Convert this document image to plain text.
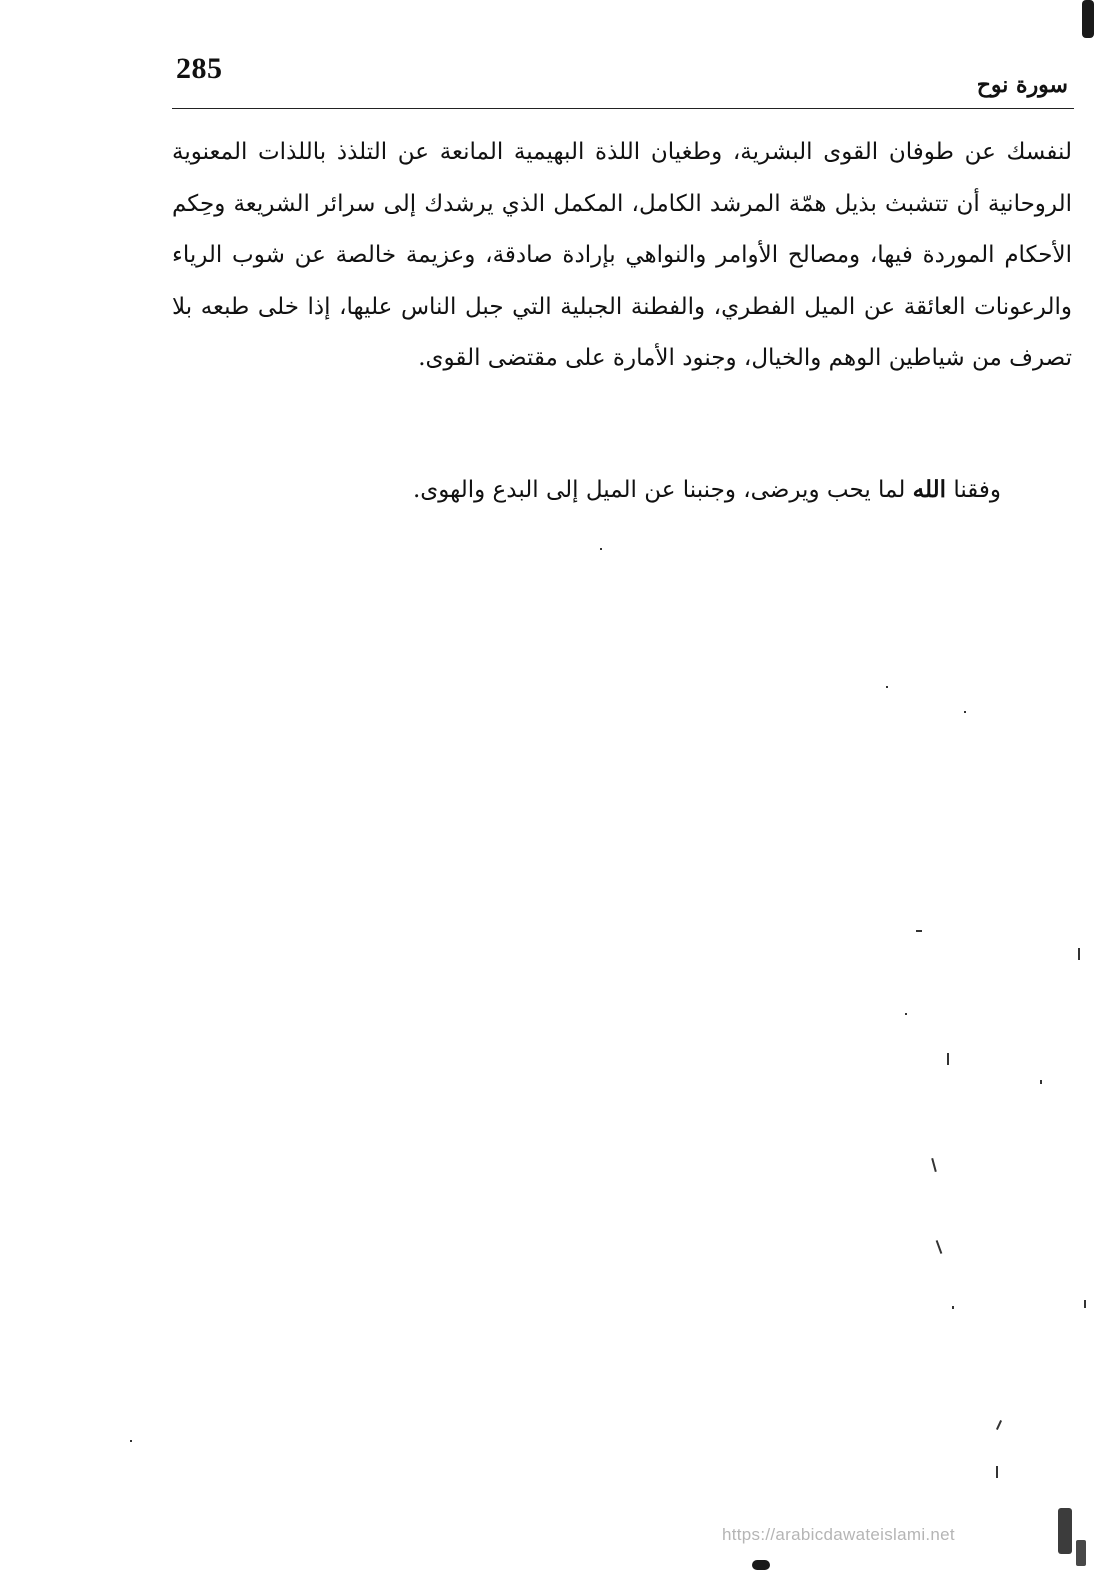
285	سورة نوح

لنفسك عن طوفان القوى البشرية، وطغيان اللذة البهيمية المانعة عن التلذذ باللذات المعنوية الروحانية أن تتشبث بذيل همّة المرشد الكامل، المكمل الذي يرشدك إلى سرائر الشريعة وحِكم الأحكام الموردة فيها، ومصالح الأوامر والنواهي بإرادة صادقة، وعزيمة خالصة عن شوب الرياء والرعونات العائقة عن الميل الفطري، والفطنة الجبلية التي جبل الناس عليها، إذا خلى طبعه بلا تصرف من شياطين الوهم والخيال، وجنود الأمارة على مقتضى القوى.

وفقنا الله لما يحب ويرضى، وجنبنا عن الميل إلى البدع والهوى.

https://arabicdawateislami.net
